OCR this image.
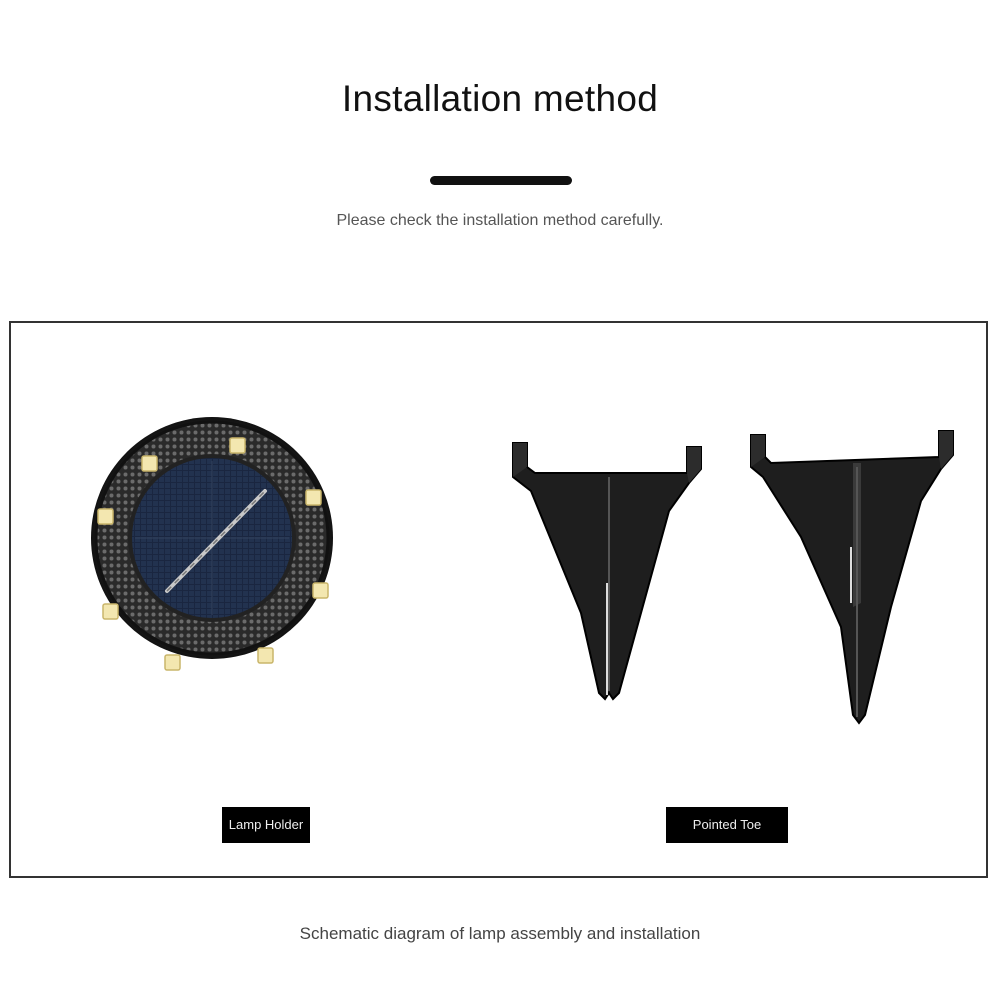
Installation method
Please check the installation method carefully.
Lamp Holder	Pointed Toe
Schematic diagram of lamp assembly and installation
